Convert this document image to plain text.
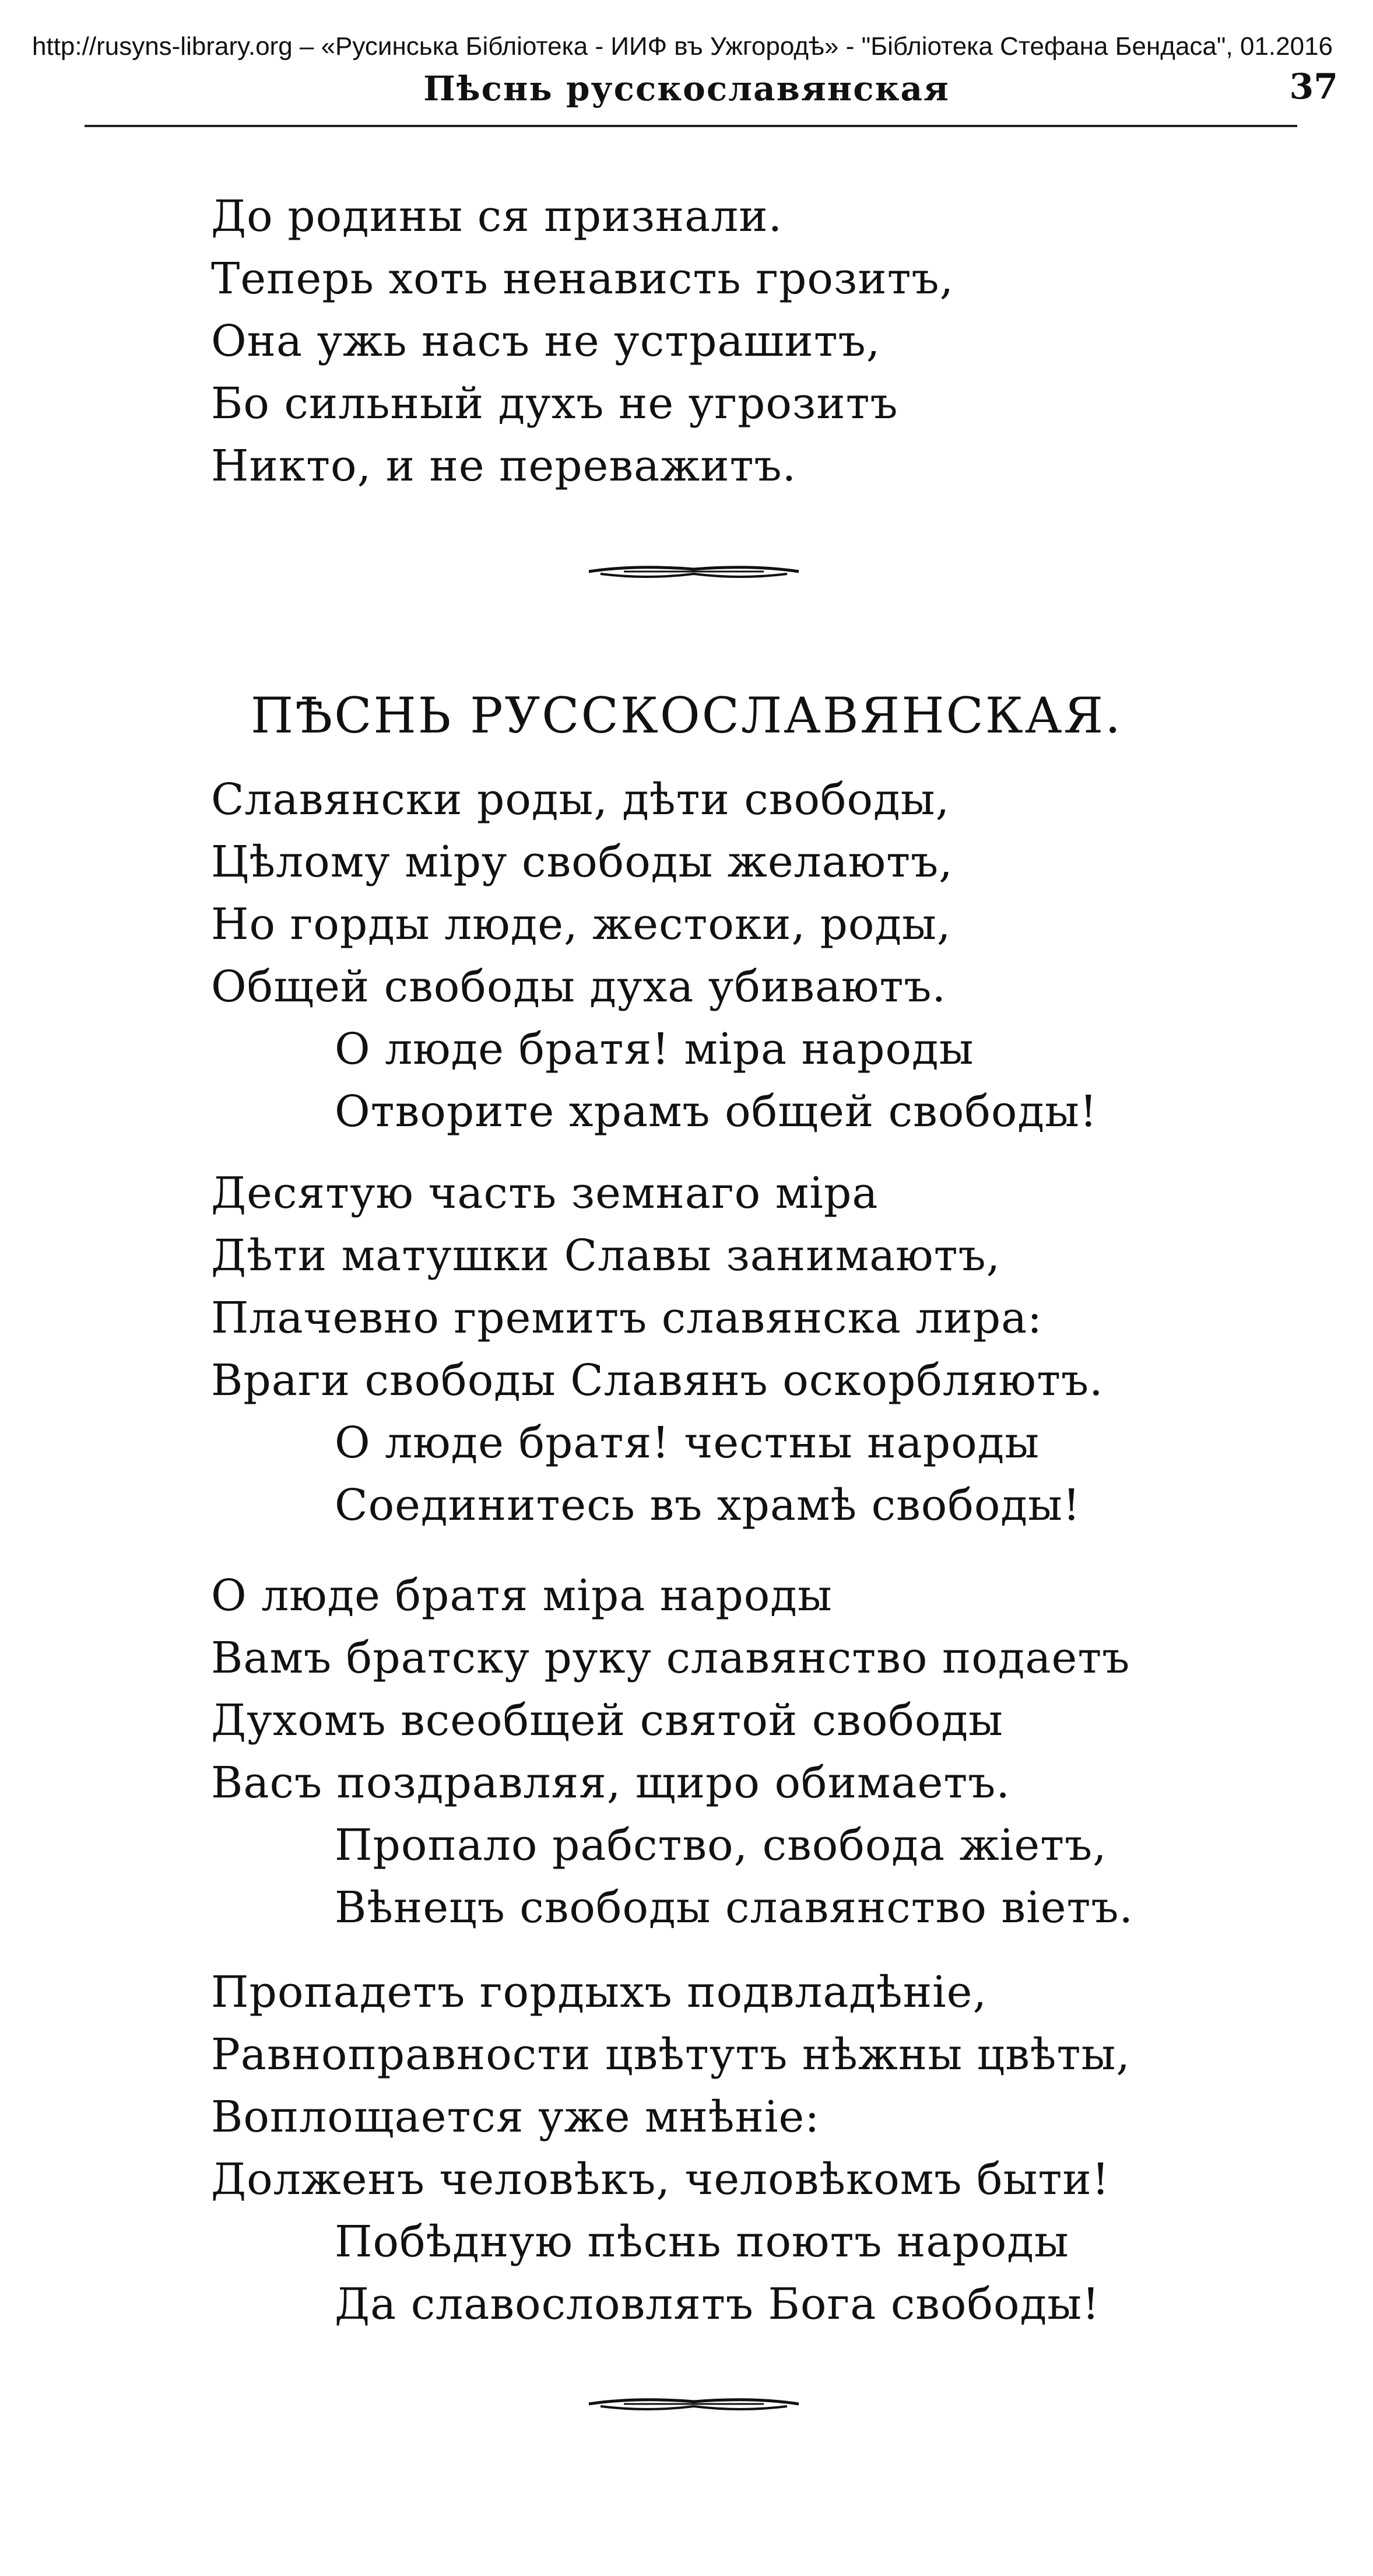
http://rusyns-library.org – «Русинська Бібліотека - ИИФ въ Ужгородѣ» - "Бібліотека Стефана Бендаса", 01.2016
Пѣснь русскославянская	37
До родины ся признали.
Теперь хоть ненависть грозитъ,
Она ужь насъ не устрашитъ,
Бо сильный духъ не угрозитъ
Никто, и не переважитъ.
ПѢСНЬ РУССКОСЛАВЯНСКАЯ.
Славянски роды, дѣти свободы,
Цѣлому міру свободы желаютъ,
Но горды люде, жестоки, роды,
Общей свободы духа убиваютъ.
О люде братя! міра народы
Отворите храмъ общей свободы!
Десятую часть земнаго міра
Дѣти матушки Славы занимаютъ,
Плачевно гремитъ славянска лира:
Враги свободы Славянъ оскорбляютъ.
О люде братя! честны народы
Соединитесь въ храмѣ свободы!
О люде братя міра народы
Вамъ братску руку славянство подаетъ
Духомъ всеобщей святой свободы
Васъ поздравляя, щиро обимаетъ.
Пропало рабство, свобода жіетъ,
Вѣнецъ свободы славянство віетъ.
Пропадетъ гордыхъ подвладѣніе,
Равноправности цвѣтутъ нѣжны цвѣты,
Воплощается уже мнѣніе:
Долженъ человѣкъ, человѣкомъ быти!
Побѣдную пѣснь поютъ народы
Да славословлятъ Бога свободы!
